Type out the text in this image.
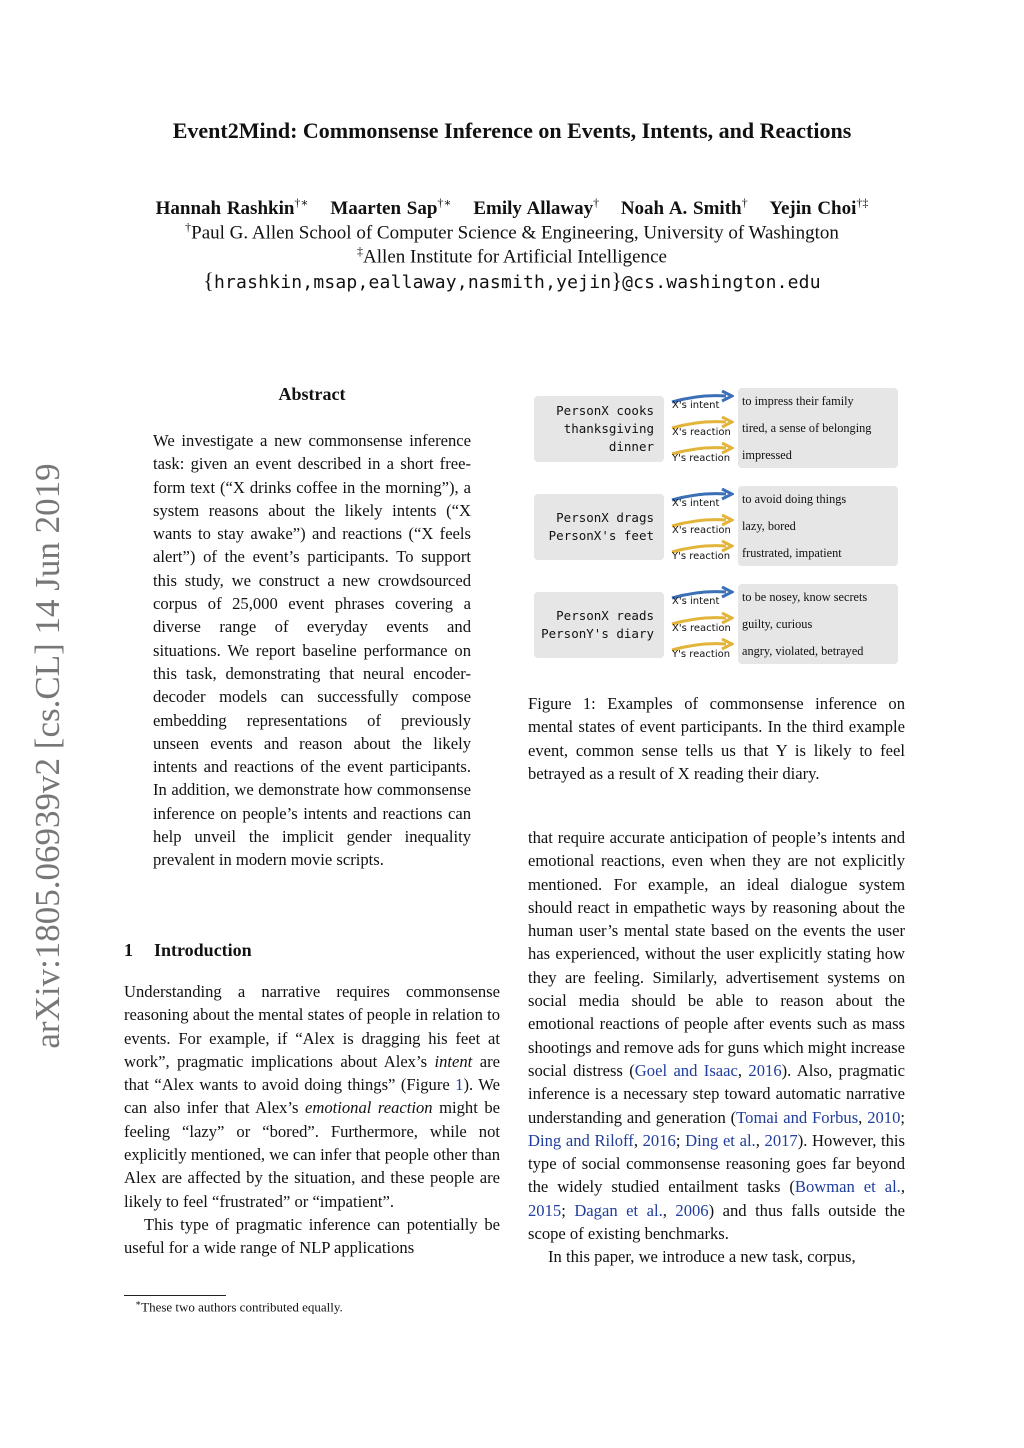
arXiv:1805.06939v2 [cs.CL] 14 Jun 2019
Event2Mind: Commonsense Inference on Events, Intents, and Reactions
Hannah Rashkin†∗ Maarten Sap†∗ Emily Allaway† Noah A. Smith† Yejin Choi†‡
†Paul G. Allen School of Computer Science & Engineering, University of Washington
‡Allen Institute for Artificial Intelligence
{hrashkin,msap,eallaway,nasmith,yejin}@cs.washington.edu
Abstract

We investigate a new commonsense inference task: given an event described in a short free-form text (“X drinks coffee in the morning”), a system reasons about the likely intents (“X wants to stay awake”) and reactions (“X feels alert”) of the event’s participants. To support this study, we construct a new crowdsourced corpus of 25,000 event phrases covering a diverse range of everyday events and situations. We report baseline performance on this task, demonstrating that neural encoder-decoder models can successfully compose embedding representations of previously unseen events and reason about the likely intents and reactions of the event participants. In addition, we demonstrate how commonsense inference on people’s intents and reactions can help unveil the implicit gender inequality prevalent in modern movie scripts.

1 Introduction

Understanding a narrative requires commonsense reasoning about the mental states of people in relation to events. For example, if “Alex is dragging his feet at work”, pragmatic implications about Alex’s intent are that “Alex wants to avoid doing things” (Figure 1). We can also infer that Alex’s emotional reaction might be feeling “lazy” or “bored”. Furthermore, while not explicitly mentioned, we can infer that people other than Alex are affected by the situation, and these people are likely to feel “frustrated” or “impatient”.

This type of pragmatic inference can potentially be useful for a wide range of NLP applications

∗These two authors contributed equally.
PersonX cooks
thanksgiving
dinner
X's intent
X's reaction
Y's reaction
to impress their family
tired, a sense of belonging
impressed
PersonX drags
PersonX's feet
X's intent
X's reaction
Y's reaction
to avoid doing things
lazy, bored
frustrated, impatient
PersonX reads
PersonY's diary
X's intent
X's reaction
Y's reaction
to be nosey, know secrets
guilty, curious
angry, violated, betrayed
Figure 1: Examples of commonsense inference on mental states of event participants. In the third example event, common sense tells us that Y is likely to feel betrayed as a result of X reading their diary.

that require accurate anticipation of people’s intents and emotional reactions, even when they are not explicitly mentioned. For example, an ideal dialogue system should react in empathetic ways by reasoning about the human user’s mental state based on the events the user has experienced, without the user explicitly stating how they are feeling. Similarly, advertisement systems on social media should be able to reason about the emotional reactions of people after events such as mass shootings and remove ads for guns which might increase social distress (Goel and Isaac, 2016). Also, pragmatic inference is a necessary step toward automatic narrative understanding and generation (Tomai and Forbus, 2010; Ding and Riloff, 2016; Ding et al., 2017). However, this type of social commonsense reasoning goes far beyond the widely studied entailment tasks (Bowman et al., 2015; Dagan et al., 2006) and thus falls outside the scope of existing benchmarks.

In this paper, we introduce a new task, corpus,
